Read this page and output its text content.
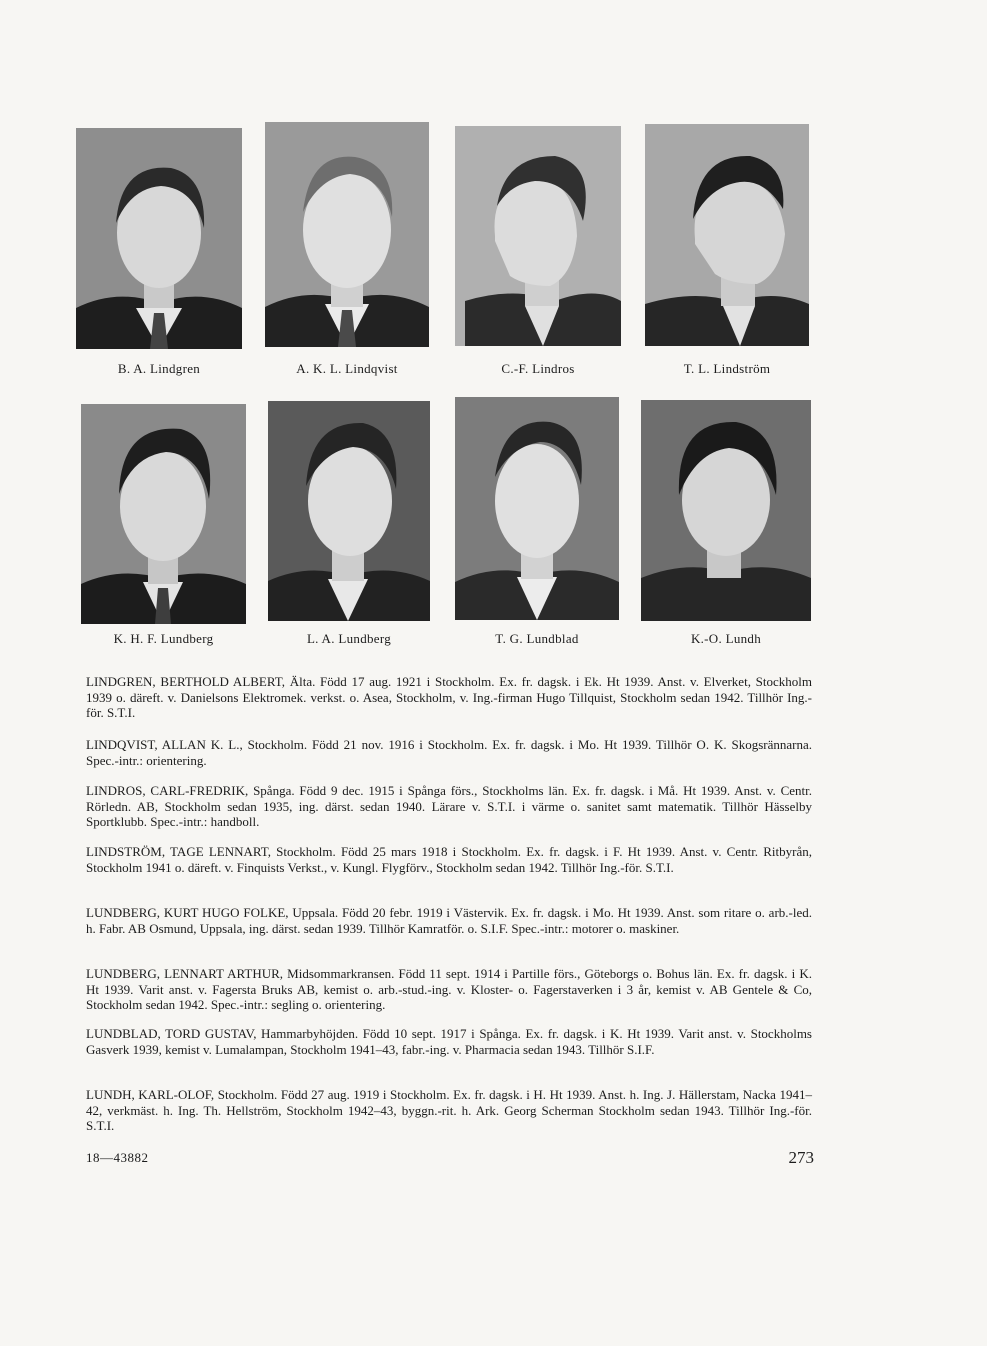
B. A. Lindgren	A. K. L. Lindqvist	C.-F. Lindros	T. L. Lindström
K. H. F. Lundberg	L. A. Lundberg	T. G. Lundblad	K.-O. Lundh
LINDGREN, BERTHOLD ALBERT, Älta. Född 17 aug. 1921 i Stockholm. Ex. fr. dagsk. i Ek. Ht 1939. Anst. v. Elverket, Stockholm 1939 o. däreft. v. Danielsons Elektromek. verkst. o. Asea, Stockholm, v. Ing.-firman Hugo Tillquist, Stockholm sedan 1942. Tillhör Ing.-för. S.T.I.
LINDQVIST, ALLAN K. L., Stockholm. Född 21 nov. 1916 i Stockholm. Ex. fr. dagsk. i Mo. Ht 1939. Tillhör O. K. Skogsrännarna. Spec.-intr.: orientering.
LINDROS, CARL-FREDRIK, Spånga. Född 9 dec. 1915 i Spånga förs., Stockholms län. Ex. fr. dagsk. i Må. Ht 1939. Anst. v. Centr. Rörledn. AB, Stockholm sedan 1935, ing. därst. sedan 1940. Lärare v. S.T.I. i värme o. sanitet samt matematik. Tillhör Hässelby Sportklubb. Spec.-intr.: handboll.
LINDSTRÖM, TAGE LENNART, Stockholm. Född 25 mars 1918 i Stockholm. Ex. fr. dagsk. i F. Ht 1939. Anst. v. Centr. Ritbyrån, Stockholm 1941 o. däreft. v. Finquists Verkst., v. Kungl. Flygförv., Stockholm sedan 1942. Tillhör Ing.-för. S.T.I.
LUNDBERG, KURT HUGO FOLKE, Uppsala. Född 20 febr. 1919 i Västervik. Ex. fr. dagsk. i Mo. Ht 1939. Anst. som ritare o. arb.-led. h. Fabr. AB Osmund, Uppsala, ing. därst. sedan 1939. Tillhör Kamratför. o. S.I.F. Spec.-intr.: motorer o. maskiner.
LUNDBERG, LENNART ARTHUR, Midsommarkransen. Född 11 sept. 1914 i Partille förs., Göteborgs o. Bohus län. Ex. fr. dagsk. i K. Ht 1939. Varit anst. v. Fagersta Bruks AB, kemist o. arb.-stud.-ing. v. Kloster- o. Fagerstaverken i 3 år, kemist v. AB Gentele & Co, Stockholm sedan 1942. Spec.-intr.: segling o. orientering.
LUNDBLAD, TORD GUSTAV, Hammarbyhöjden. Född 10 sept. 1917 i Spånga. Ex. fr. dagsk. i K. Ht 1939. Varit anst. v. Stockholms Gasverk 1939, kemist v. Lumalampan, Stockholm 1941–43, fabr.-ing. v. Pharmacia sedan 1943. Tillhör S.I.F.
LUNDH, KARL-OLOF, Stockholm. Född 27 aug. 1919 i Stockholm. Ex. fr. dagsk. i H. Ht 1939. Anst. h. Ing. J. Hällerstam, Nacka 1941–42, verkmäst. h. Ing. Th. Hellström, Stockholm 1942–43, byggn.-rit. h. Ark. Georg Scherman Stockholm sedan 1943. Tillhör Ing.-för. S.T.I.
18—43882	273
